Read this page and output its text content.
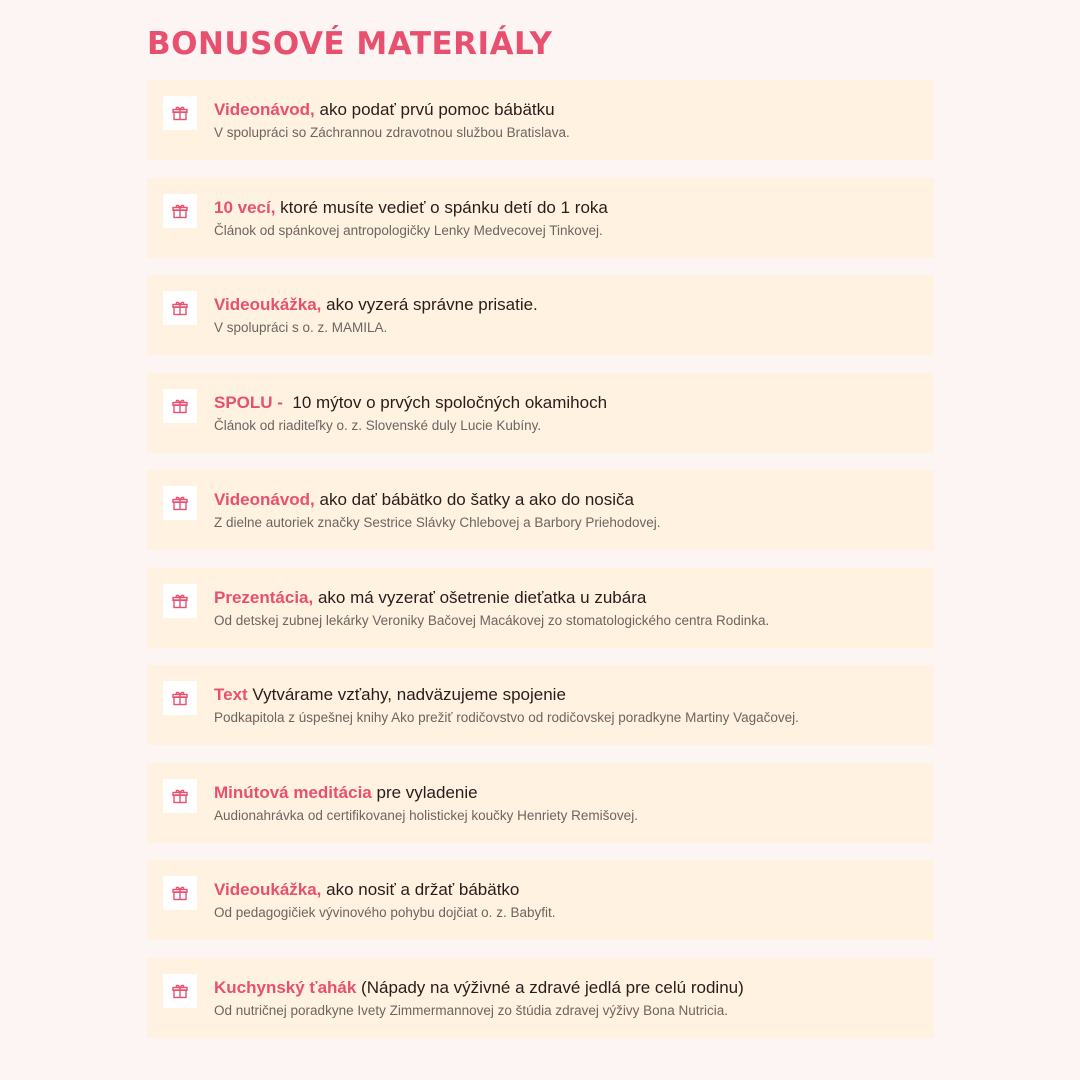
BONUSOVÉ MATERIÁLY

Videonávod, ako podať prvú pomoc bábätku

V spolupráci so Záchrannou zdravotnou službou Bratislava.

10 vecí, ktoré musíte vedieť o spánku detí do 1 roka

Článok od spánkovej antropologičky Lenky Medvecovej Tinkovej.

Videoukážka, ako vyzerá správne prisatie.

V spolupráci s o. z. MAMILA.

SPOLU -  10 mýtov o prvých spoločných okamihoch

Článok od riaditeľky o. z. Slovenské duly Lucie Kubíny.

Videonávod, ako dať bábätko do šatky a ako do nosiča

Z dielne autoriek značky Sestrice Slávky Chlebovej a Barbory Priehodovej.

Prezentácia, ako má vyzerať ošetrenie dieťatka u zubára

Od detskej zubnej lekárky Veroniky Bačovej Macákovej zo stomatologického centra Rodinka.

Text Vytvárame vzťahy, nadväzujeme spojenie

Podkapitola z úspešnej knihy Ako prežiť rodičovstvo od rodičovskej poradkyne Martiny Vagačovej.

Minútová meditácia pre vyladenie

Audionahrávka od certifikovanej holistickej koučky Henriety Remišovej.

Videoukážka, ako nosiť a držať bábätko

Od pedagogičiek vývinového pohybu dojčiat o. z. Babyfit.

Kuchynský ťahák (Nápady na výživné a zdravé jedlá pre celú rodinu)

Od nutričnej poradkyne Ivety Zimmermannovej zo štúdia zdravej výživy Bona Nutricia.
